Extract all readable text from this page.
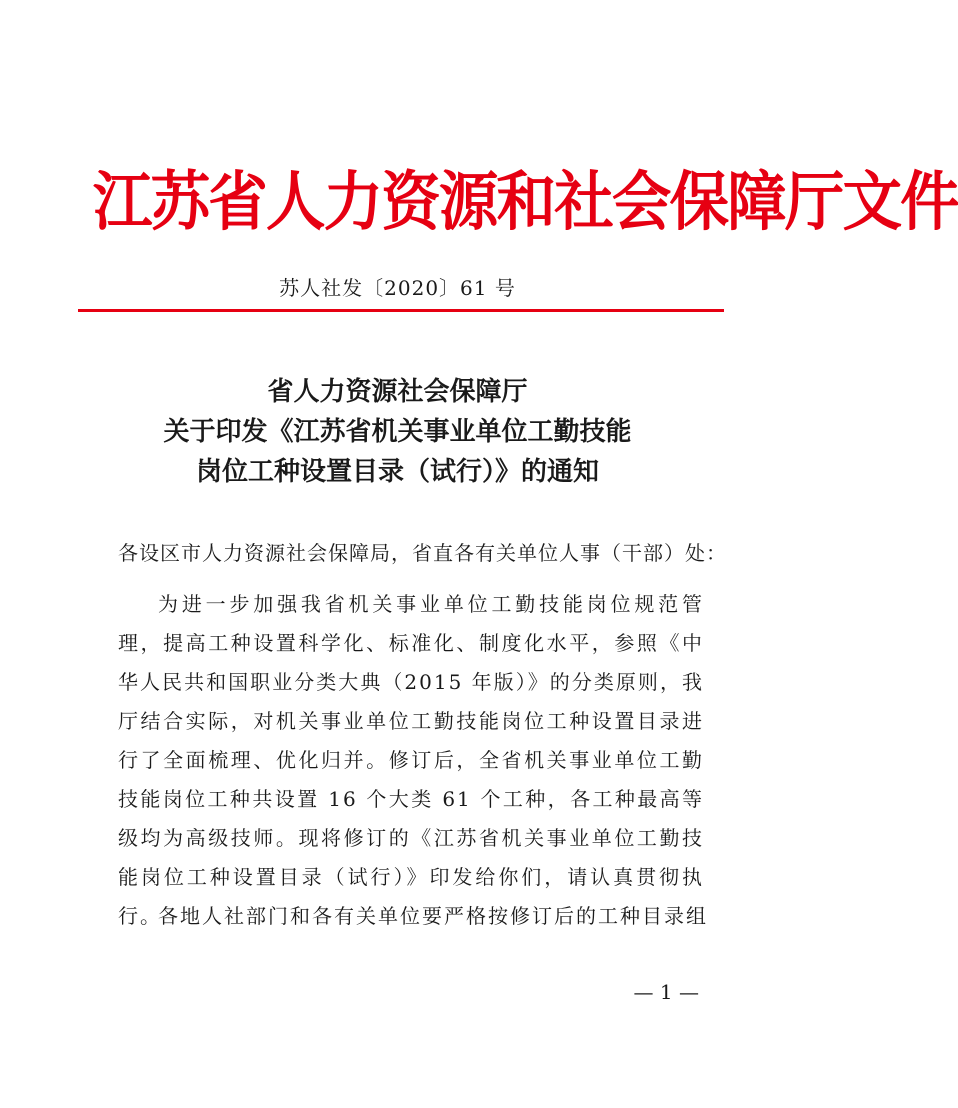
江苏省人力资源和社会保障厅文件
苏人社发〔2020〕61 号
省人力资源社会保障厅
关于印发《江苏省机关事业单位工勤技能
岗位工种设置目录（试行）》的通知
各设区市人力资源社会保障局，省直各有关单位人事（干部）处：

为进一步加强我省机关事业单位工勤技能岗位规范管理，提高工种设置科学化、标准化、制度化水平，参照《中华人民共和国职业分类大典（2015 年版）》的分类原则，我厅结合实际，对机关事业单位工勤技能岗位工种设置目录进行了全面梳理、优化归并。修订后，全省机关事业单位工勤技能岗位工种共设置 16 个大类 61 个工种，各工种最高等级均为高级技师。现将修订的《江苏省机关事业单位工勤技能岗位工种设置目录（试行）》印发给你们，请认真贯彻执行。

各地人社部门和各有关单位要严格按修订后的工种目录组

— 1 —
